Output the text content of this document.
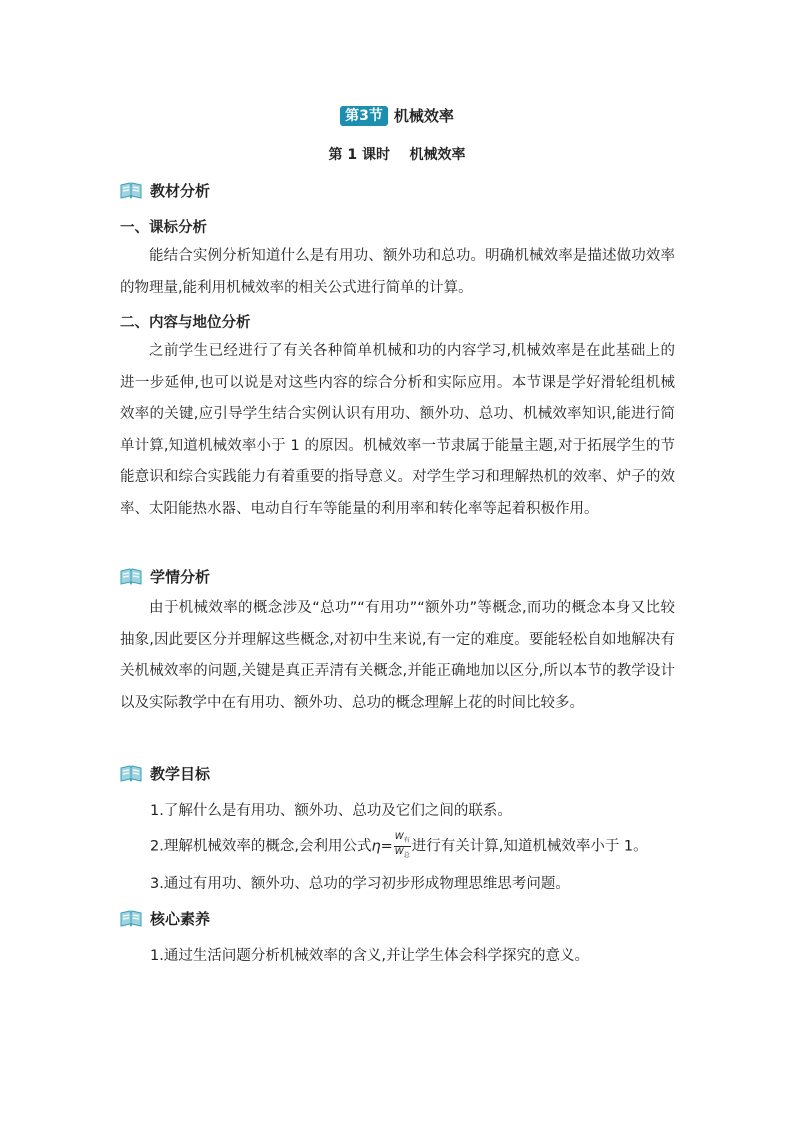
第3节 机械效率
第 1 课时    机械效率
教材分析
一、课标分析

能结合实例分析知道什么是有用功、额外功和总功。明确机械效率是描述做功效率的物理量,能利用机械效率的相关公式进行简单的计算。

二、内容与地位分析

之前学生已经进行了有关各种简单机械和功的内容学习,机械效率是在此基础上的进一步延伸,也可以说是对这些内容的综合分析和实际应用。本节课是学好滑轮组机械效率的关键,应引导学生结合实例认识有用功、额外功、总功、机械效率知识,能进行简单计算,知道机械效率小于 1 的原因。机械效率一节隶属于能量主题,对于拓展学生的节能意识和综合实践能力有着重要的指导意义。对学生学习和理解热机的效率、炉子的效率、太阳能热水器、电动自行车等能量的利用率和转化率等起着积极作用。

学情分析

由于机械效率的概念涉及“总功”“有用功”“额外功”等概念,而功的概念本身又比较抽象,因此要区分并理解这些概念,对初中生来说,有一定的难度。要能轻松自如地解决有关机械效率的问题,关键是真正弄清有关概念,并能正确地加以区分,所以本节的教学设计以及实际教学中在有用功、额外功、总功的概念理解上花的时间比较多。

教学目标
1.了解什么是有用功、额外功、总功及它们之间的联系。
2.理解机械效率的概念,会利用公式$\eta= \frac{W_有}{W_总}$ 进行有关计算,知道机械效率小于 1。
3.通过有用功、额外功、总功的学习初步形成物理思维思考问题。
核心素养
1.通过生活问题分析机械效率的含义,并让学生体会科学探究的意义。
